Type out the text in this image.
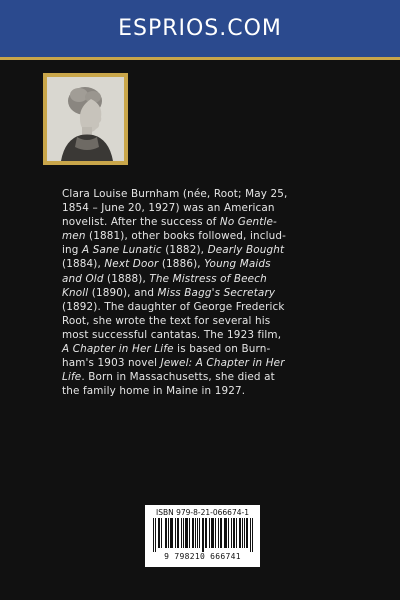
ESPRIOS.COM
Clara Louise Burnham (née, Root; May 25,
1854 – June 20, 1927) was an American
novelist. After the success of No Gentle-
men (1881), other books followed, includ-
ing A Sane Lunatic (1882), Dearly Bought
(1884), Next Door (1886), Young Maids
and Old (1888), The Mistress of Beech
Knoll (1890), and Miss Bagg's Secretary
(1892). The daughter of George Frederick
Root, she wrote the text for several his
most successful cantatas. The 1923 film,
A Chapter in Her Life is based on Burn-
ham's 1903 novel Jewel: A Chapter in Her
Life. Born in Massachusetts, she died at
the family home in Maine in 1927.
ISBN 979-8-21-066674-1
9 798210 666741
